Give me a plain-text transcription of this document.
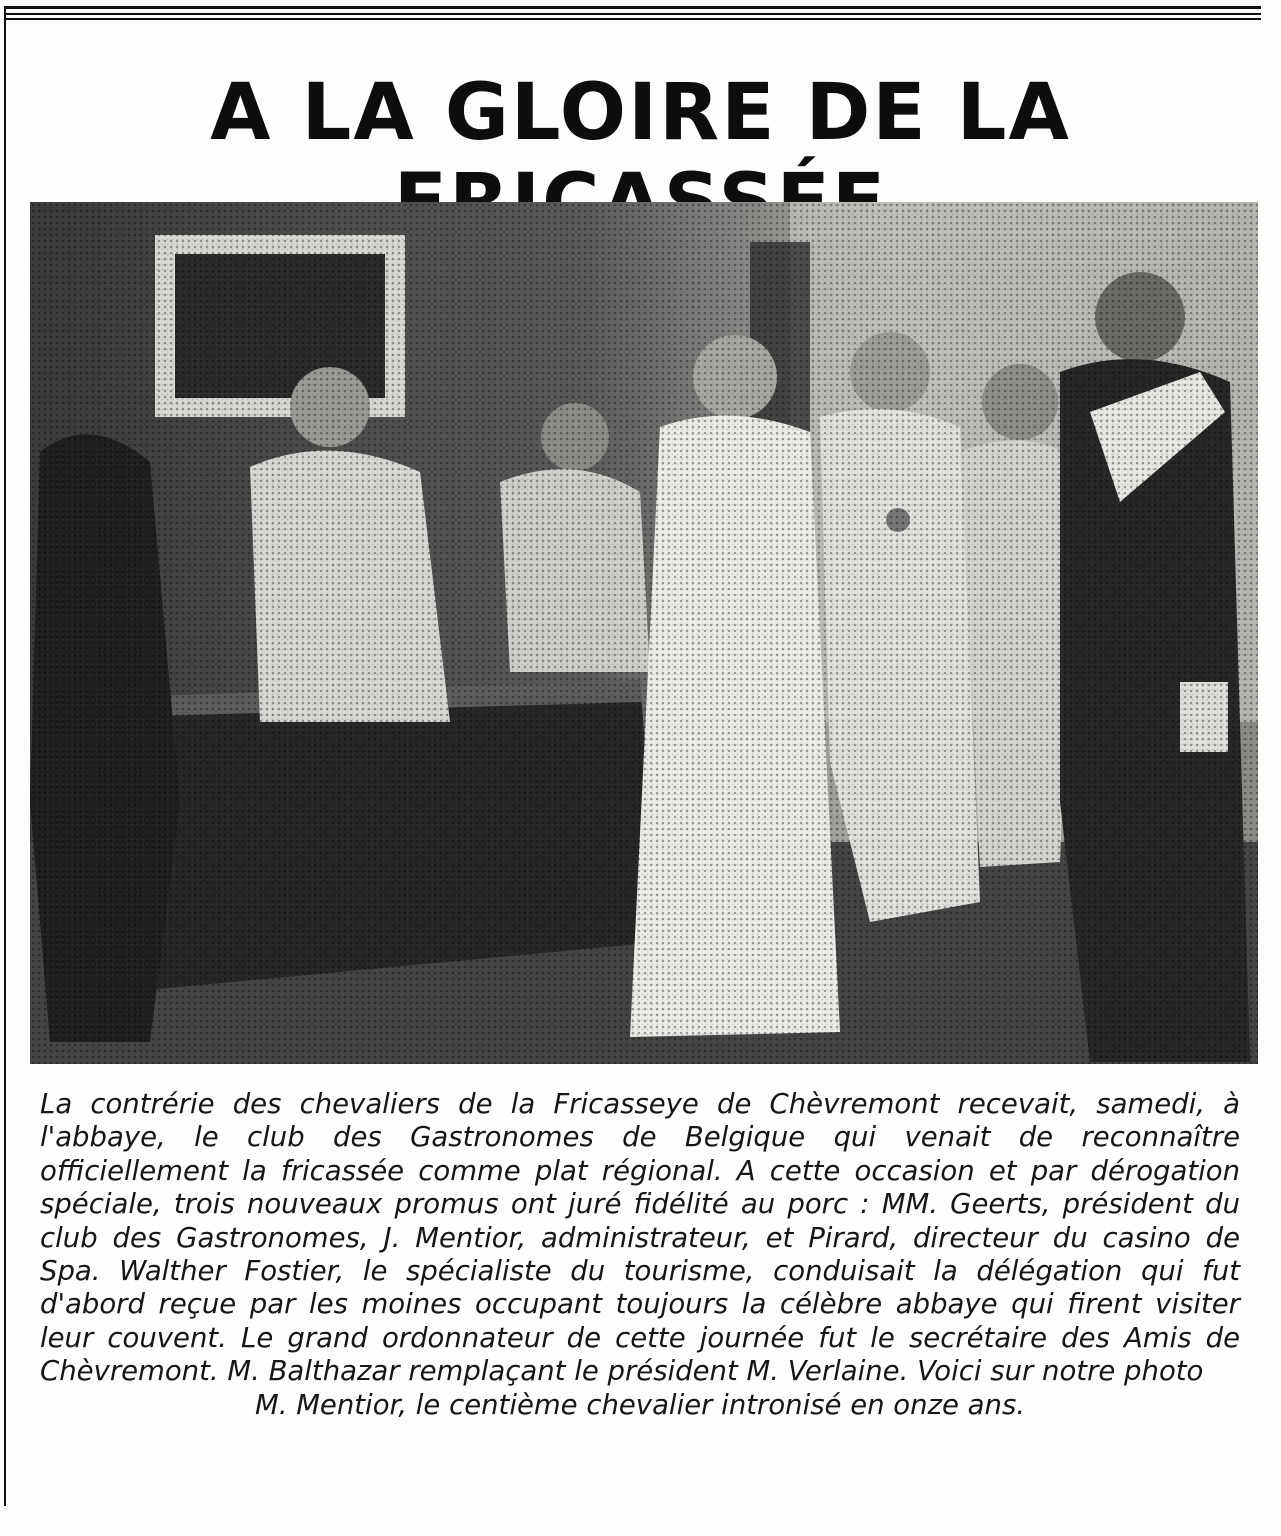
A LA GLOIRE DE LA

La contrérie des chevaliers de la Fricasseye de Chèvremont recevait, samedi, à l'abbaye, le club des Gastronomes de Belgique qui venait de reconnaître officiellement la fricassée comme plat régional. A cette occasion et par dérogation spéciale, trois nouveaux promus ont juré fidélité au porc : MM. Geerts, président du club des Gastronomes, J. Mentior, administrateur, et Pirard, directeur du casino de Spa. Walther Fostier, le spécialiste du tourisme, conduisait la délégation qui fut d'abord reçue par les moines occupant toujours la célèbre abbaye qui firent visiter leur couvent. Le grand ordonnateur de cette journée fut le secrétaire des Amis de Chèvremont. M. Balthazar remplaçant le président M. Verlaine. Voici sur notre photo
M. Mentior, le centième chevalier intronisé en onze ans.
